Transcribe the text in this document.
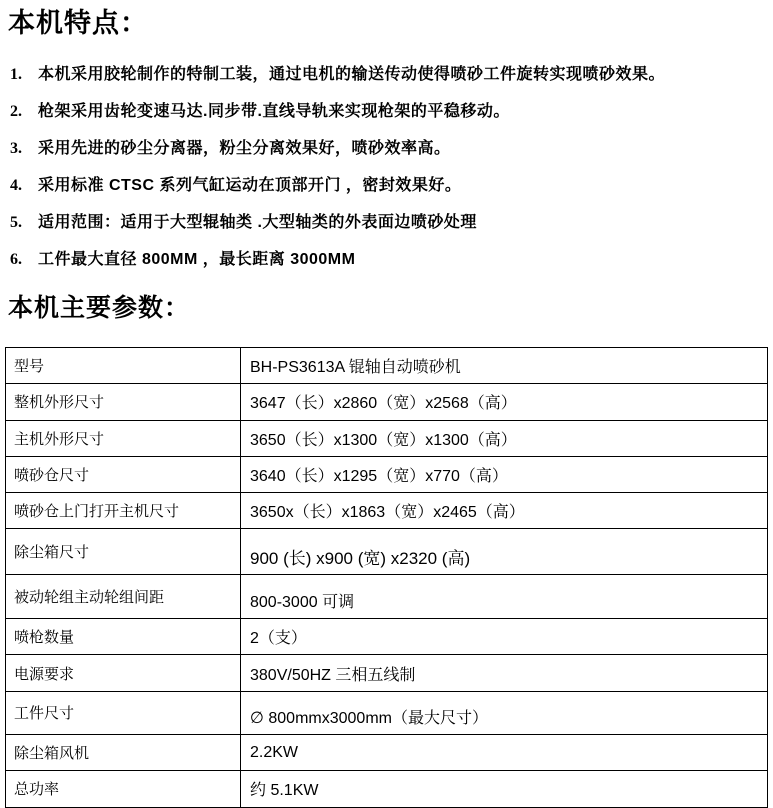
本机特点：
1.	本机采用胶轮制作的特制工装，通过电机的输送传动使得喷砂工件旋转实现喷砂效果。
2.	枪架采用齿轮变速马达.同步带.直线导轨来实现枪架的平稳移动。
3.	采用先进的砂尘分离器，粉尘分离效果好，喷砂效率高。
4.	采用标准 CTSC 系列气缸运动在顶部开门 ，密封效果好。
5.	适用范围：适用于大型辊轴类 .大型轴类的外表面边喷砂处理
6.	工件最大直径 800MM ，最长距离 3000MM
本机主要参数：
型号	BH-PS3613A 锟轴自动喷砂机
整机外形尺寸	3647（长）x2860（宽）x2568（高）
主机外形尺寸	3650（长）x1300（宽）x1300（高）
喷砂仓尺寸	3640（长）x1295（宽）x770（高）
喷砂仓上门打开主机尺寸	3650x（长）x1863（宽）x2465（高）
除尘箱尺寸	900 (长) x900 (宽) x2320 (高)
被动轮组主动轮组间距	800-3000 可调
喷枪数量	2（支）
电源要求	380V/50HZ 三相五线制
工件尺寸	∅ 800mmx3000mm（最大尺寸）
除尘箱风机	2.2KW
总功率	约 5.1KW
